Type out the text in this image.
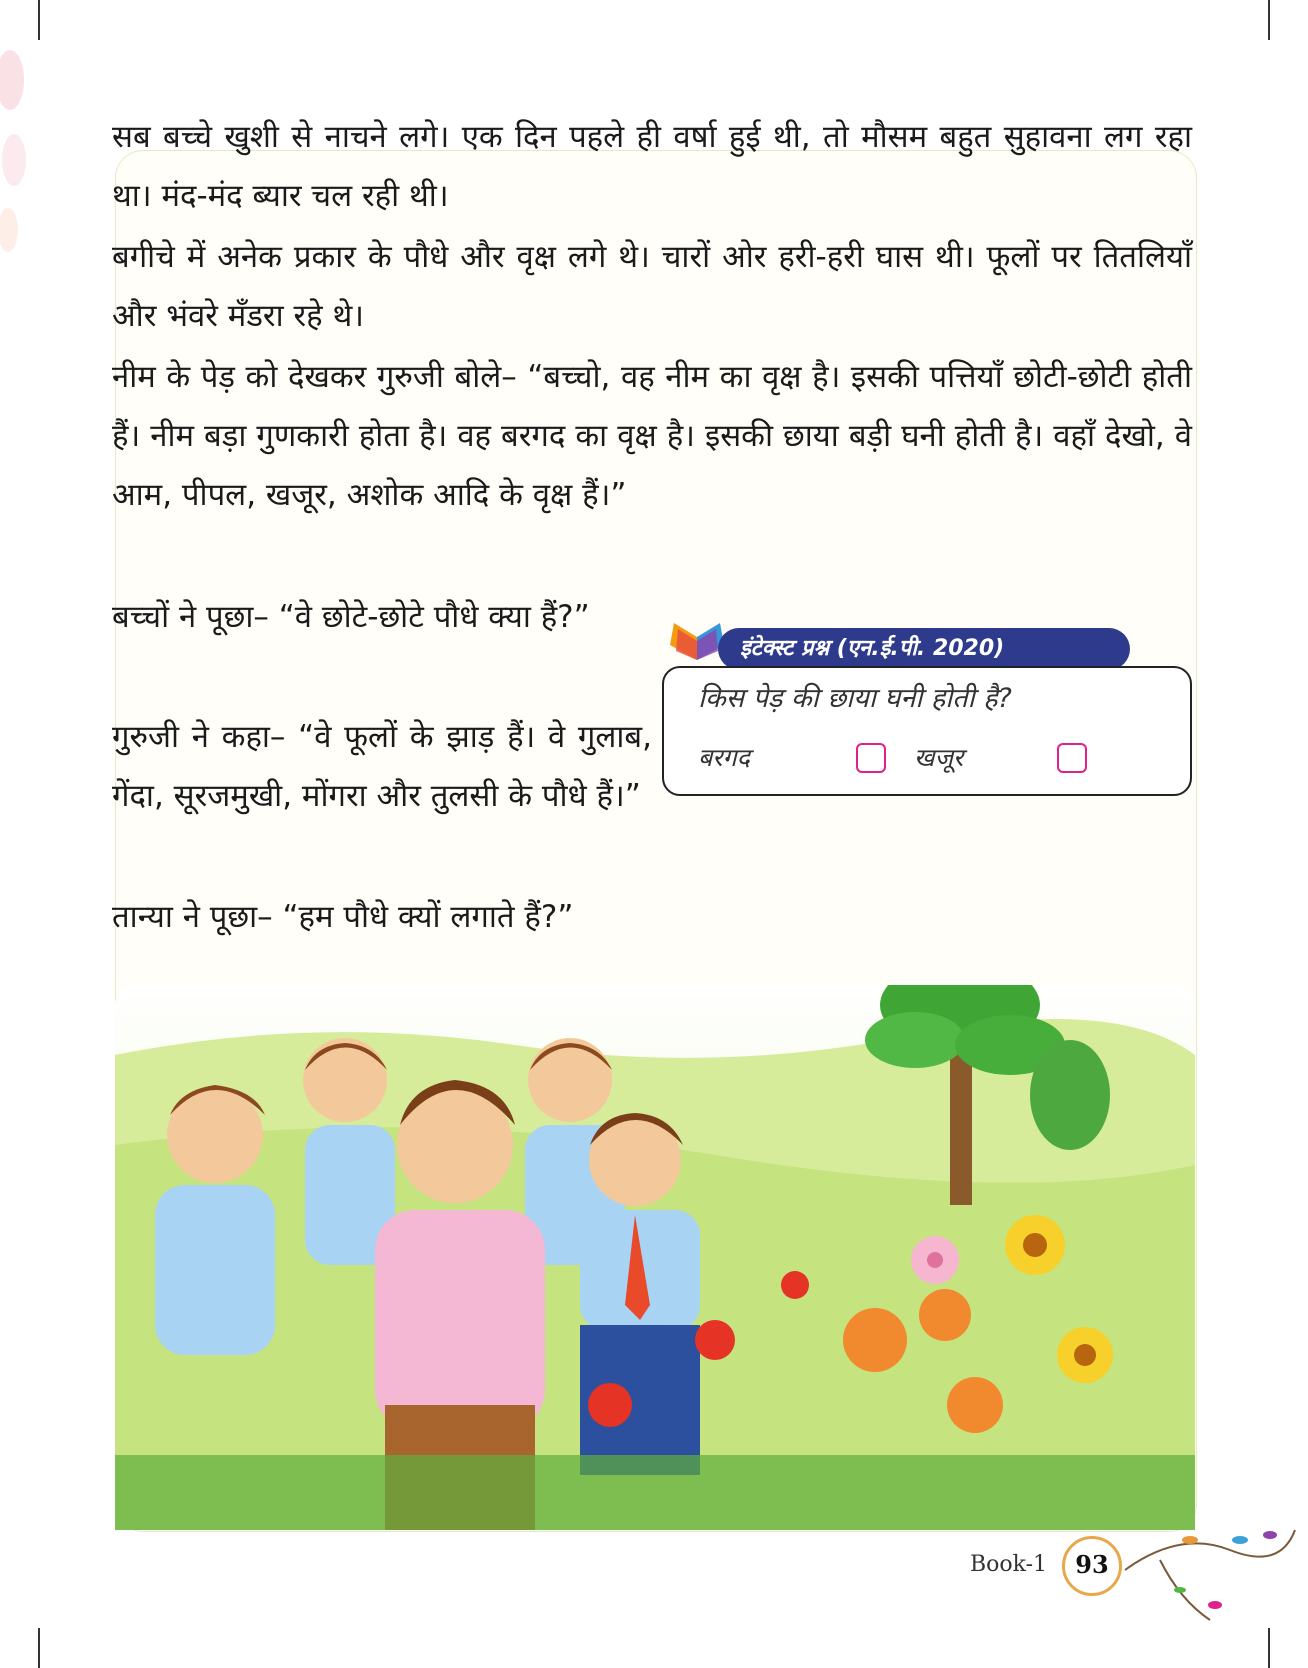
सब बच्चे खुशी से नाचने लगे। एक दिन पहले ही वर्षा हुई थी, तो मौसम बहुत सुहावना लग रहा था। मंद-मंद ब्यार चल रही थी।

बगीचे में अनेक प्रकार के पौधे और वृक्ष लगे थे। चारों ओर हरी-हरी घास थी। फूलों पर तितलियाँ और भंवरे मँडरा रहे थे।

नीम के पेड़ को देखकर गुरुजी बोले– “बच्चो, वह नीम का वृक्ष है। इसकी पत्तियाँ छोटी-छोटी होती हैं। नीम बड़ा गुणकारी होता है। वह बरगद का वृक्ष है। इसकी छाया बड़ी घनी होती है। वहाँ देखो, वे आम, पीपल, खजूर, अशोक आदि के वृक्ष हैं।”

बच्चों ने पूछा– “वे छोटे-छोटे पौधे क्या हैं?”

गुरुजी ने कहा– “वे फूलों के झाड़ हैं। वे गुलाब, गेंदा, सूरजमुखी, मोंगरा और तुलसी के पौधे हैं।”

तान्या ने पूछा– “हम पौधे क्यों लगाते हैं?”

इंटेक्स्ट प्रश्न (एन.ई.पी. 2020)
किस पेड़ की छाया घनी होती है?
बरगद	खजूर
Book-1	93
